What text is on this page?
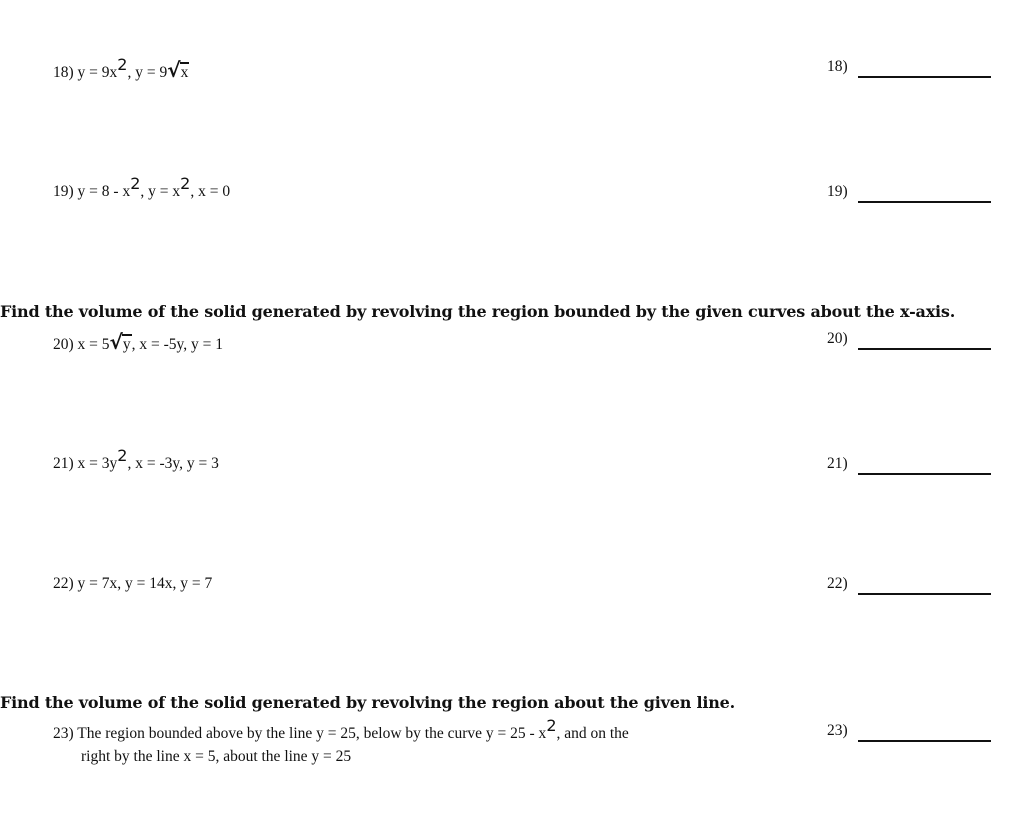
18) $y = 9x^2$, y = 9√x	18)
19) $y = 8 - x^2$, $y = x^2$, x = 0	19)
Find the volume of the solid generated by revolving the region bounded by the given curves about the x-axis.
20) x = 5√y, x = -5y, y = 1	20)
21) $x = 3y^2$, x = -3y, y = 3	21)
22) y = 7x, y = 14x, y = 7	22)
Find the volume of the solid generated by revolving the region about the given line.
23) The region bounded above by the line y = 25, below by the curve $y = 25 - x^2$, and on the
right by the line x = 5, about the line y = 25
23)
